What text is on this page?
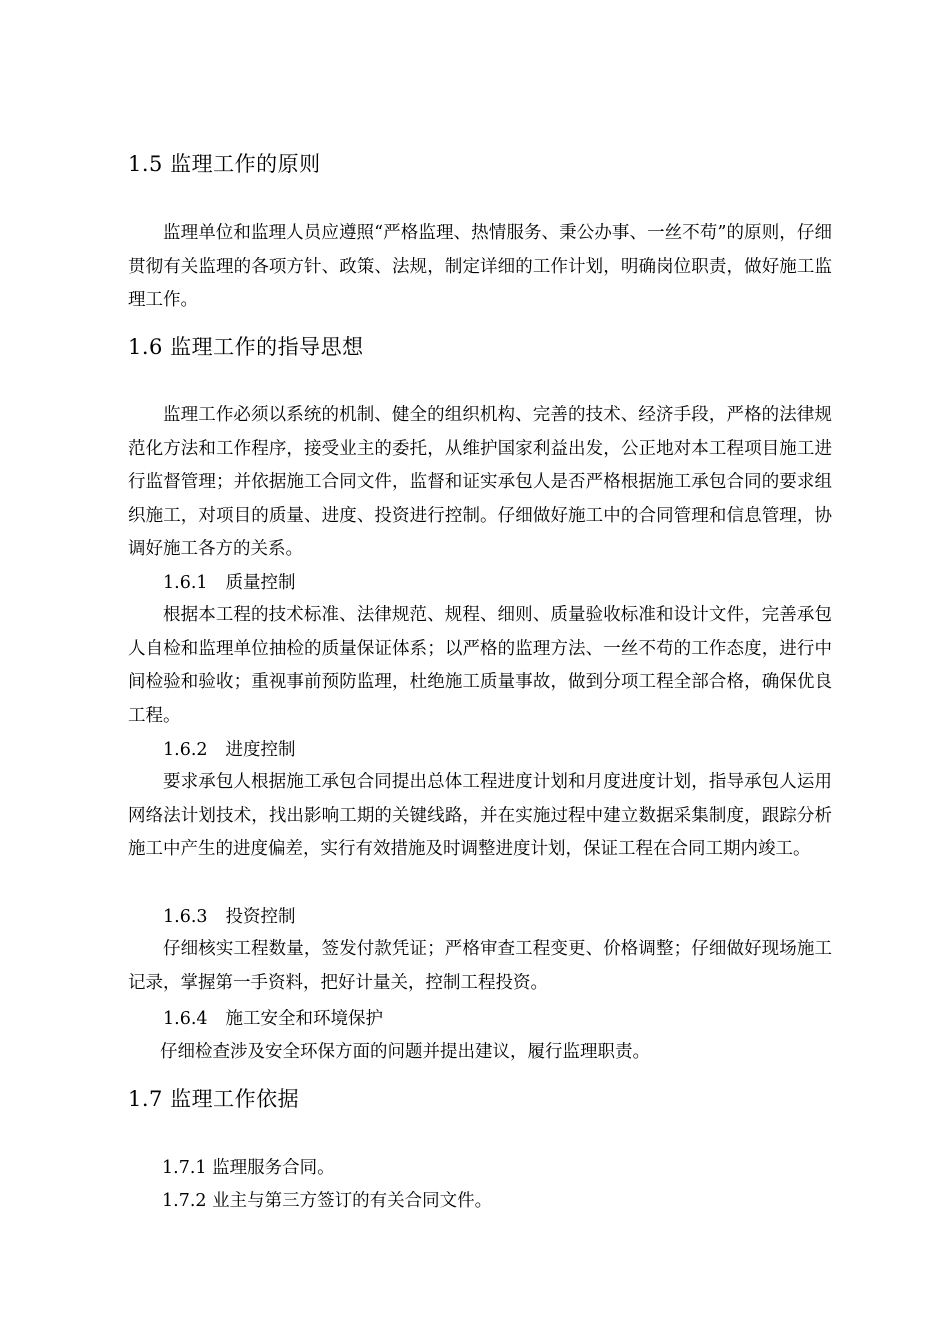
1.5 监理工作的原则

监理单位和监理人员应遵照“严格监理、热情服务、秉公办事、一丝不苟”的原则，仔细贯彻有关监理的各项方针、政策、法规，制定详细的工作计划，明确岗位职责，做好施工监理工作。

1.6 监理工作的指导思想

监理工作必须以系统的机制、健全的组织机构、完善的技术、经济手段，严格的法律规范化方法和工作程序，接受业主的委托，从维护国家利益出发，公正地对本工程项目施工进行监督管理；并依据施工合同文件，监督和证实承包人是否严格根据施工承包合同的要求组织施工，对项目的质量、进度、投资进行控制。仔细做好施工中的合同管理和信息管理，协调好施工各方的关系。

1.6.1 质量控制

根据本工程的技术标准、法律规范、规程、细则、质量验收标准和设计文件，完善承包人自检和监理单位抽检的质量保证体系；以严格的监理方法、一丝不苟的工作态度，进行中间检验和验收；重视事前预防监理，杜绝施工质量事故，做到分项工程全部合格，确保优良工程。

1.6.2 进度控制

要求承包人根据施工承包合同提出总体工程进度计划和月度进度计划，指导承包人运用网络法计划技术，找出影响工期的关键线路，并在实施过程中建立数据采集制度，跟踪分析施工中产生的进度偏差，实行有效措施及时调整进度计划，保证工程在合同工期内竣工。

1.6.3 投资控制

仔细核实工程数量，签发付款凭证；严格审查工程变更、价格调整；仔细做好现场施工记录，掌握第一手资料，把好计量关，控制工程投资。

1.6.4 施工安全和环境保护
仔细检查涉及安全环保方面的问题并提出建议，履行监理职责。
1.7 监理工作依据
1.7.1 监理服务合同。
1.7.2 业主与第三方签订的有关合同文件。
